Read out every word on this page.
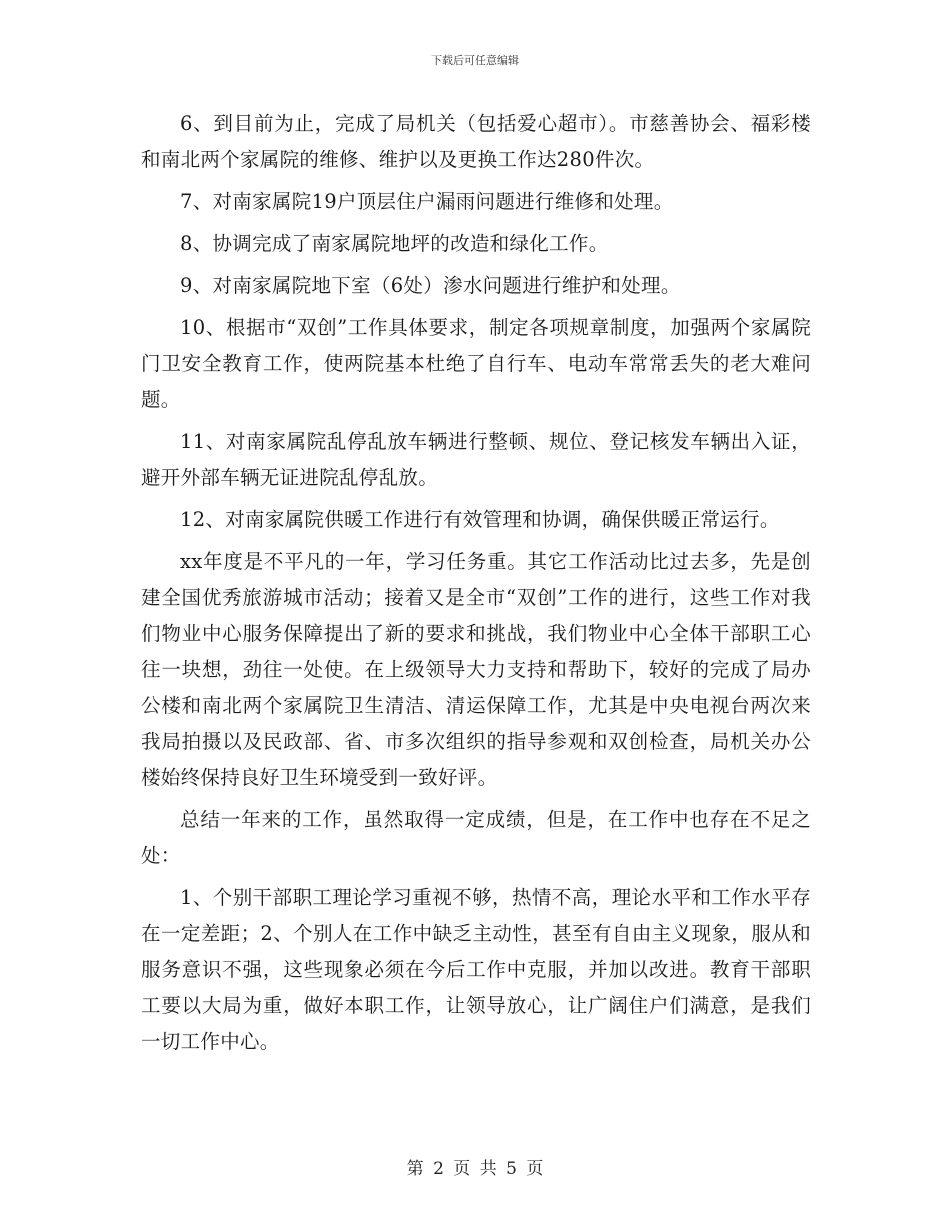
下载后可任意编辑

6、到目前为止，完成了局机关（包括爱心超市）。市慈善协会、福彩楼和南北两个家属院的维修、维护以及更换工作达280件次。

7、对南家属院19户顶层住户漏雨问题进行维修和处理。

8、协调完成了南家属院地坪的改造和绿化工作。

9、对南家属院地下室（6处）渗水问题进行维护和处理。

10、根据市“双创”工作具体要求，制定各项规章制度，加强两个家属院门卫安全教育工作，使两院基本杜绝了自行车、电动车常常丢失的老大难问题。

11、对南家属院乱停乱放车辆进行整顿、规位、登记核发车辆出入证，避开外部车辆无证进院乱停乱放。

12、对南家属院供暖工作进行有效管理和协调，确保供暖正常运行。

xx年度是不平凡的一年，学习任务重。其它工作活动比过去多，先是创建全国优秀旅游城市活动；接着又是全市“双创”工作的进行，这些工作对我们物业中心服务保障提出了新的要求和挑战，我们物业中心全体干部职工心往一块想，劲往一处使。在上级领导大力支持和帮助下，较好的完成了局办公楼和南北两个家属院卫生清洁、清运保障工作，尤其是中央电视台两次来我局拍摄以及民政部、省、市多次组织的指导参观和双创检查，局机关办公楼始终保持良好卫生环境受到一致好评。

总结一年来的工作，虽然取得一定成绩，但是，在工作中也存在不足之处：

1、个别干部职工理论学习重视不够，热情不高，理论水平和工作水平存在一定差距；2、个别人在工作中缺乏主动性，甚至有自由主义现象，服从和服务意识不强，这些现象必须在今后工作中克服，并加以改进。教育干部职工要以大局为重，做好本职工作，让领导放心，让广阔住户们满意，是我们一切工作中心。

第 2 页 共 5 页
